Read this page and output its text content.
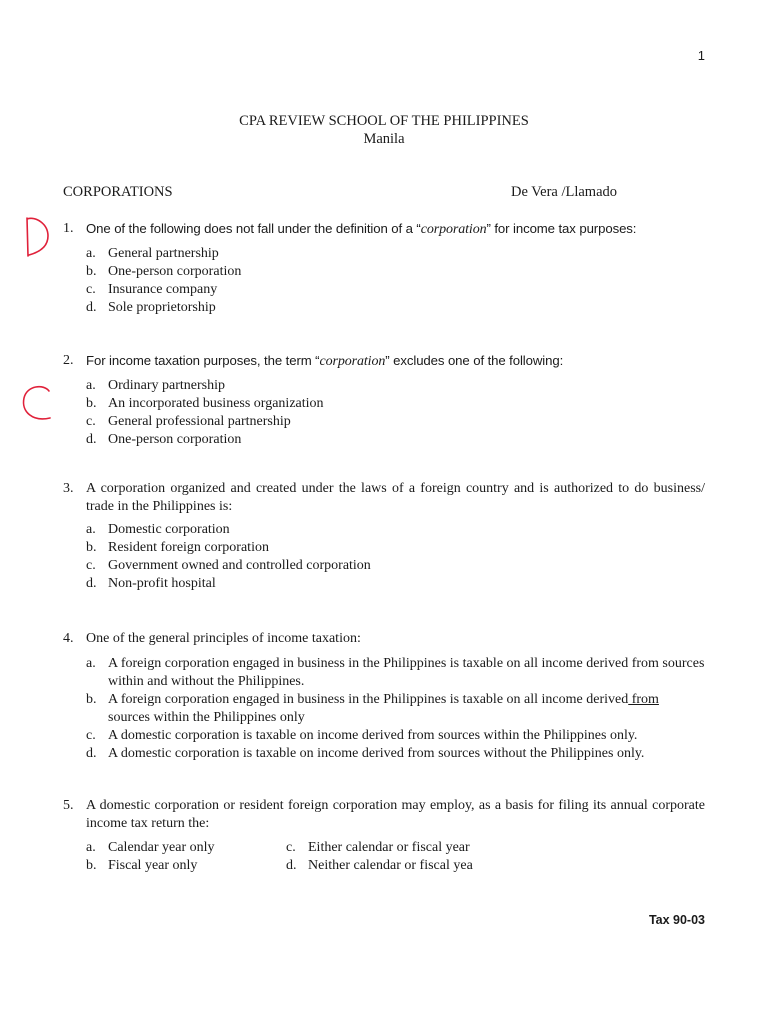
1
CPA REVIEW SCHOOL OF THE PHILIPPINES
Manila
CORPORATIONS	De Vera /Llamado
1. One of the following does not fall under the definition of a “corporation” for income tax purposes:
a. General partnership
b. One-person corporation
c. Insurance company
d. Sole proprietorship
2. For income taxation purposes, the term “corporation” excludes one of the following:
a. Ordinary partnership
b. An incorporated business organization
c. General professional partnership
d. One-person corporation
3. A corporation organized and created under the laws of a foreign country and is authorized to do business/ trade in the Philippines is:
a. Domestic corporation
b. Resident foreign corporation
c. Government owned and controlled corporation
d. Non-profit hospital
4. One of the general principles of income taxation:
a. A foreign corporation engaged in business in the Philippines is taxable on all income derived from sources within and without the Philippines.
b. A foreign corporation engaged in business in the Philippines is taxable on all income derived from
sources within the Philippines only
c. A domestic corporation is taxable on income derived from sources within the Philippines only.
d. A domestic corporation is taxable on income derived from sources without the Philippines only.
5. A domestic corporation or resident foreign corporation may employ, as a basis for filing its annual corporate income tax return the:
a. Calendar year only	c. Either calendar or fiscal year
b. Fiscal year only	d. Neither calendar or fiscal yea
Tax 90-03
